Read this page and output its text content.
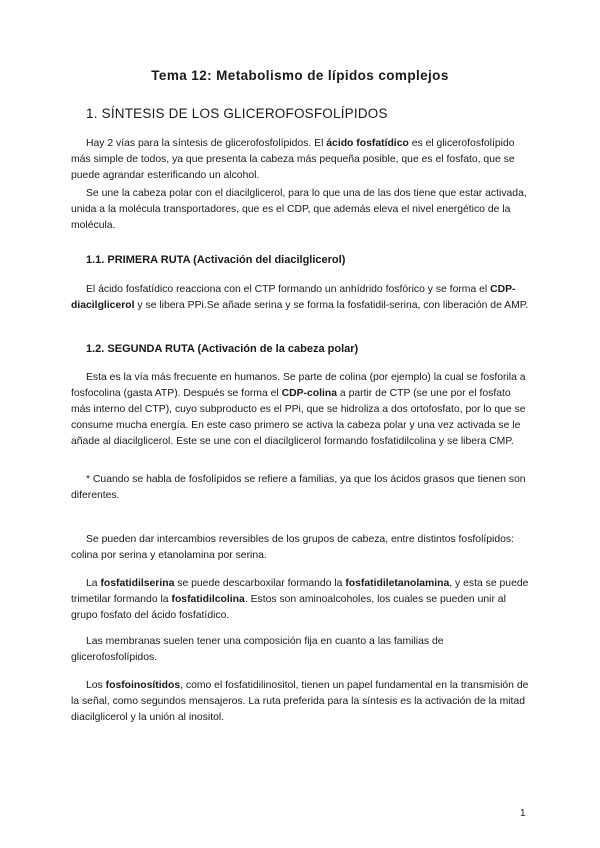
Tema 12: Metabolismo de lípidos complejos
1. SÍNTESIS DE LOS GLICEROFOSFOLÍPIDOS

Hay 2 vías para la síntesis de glicerofosfolípidos. El ácido fosfatídico es el glicerofosfolípido más simple de todos, ya que presenta la cabeza más pequeña posible, que es el fosfato, que se puede agrandar esterificando un alcohol.

Se une la cabeza polar con el diacilglicerol, para lo que una de las dos tiene que estar activada, unida a la molécula transportadores, que es el CDP, que además eleva el nivel energético de la molécula.

1.1. PRIMERA RUTA (Activación del diacilglicerol)

El ácido fosfatídico reacciona con el CTP formando un anhídrido fosfórico y se forma el CDP-diacilglicerol y se libera PPi.Se añade serina y se forma la fosfatidil-serina, con liberación de AMP.

1.2. SEGUNDA RUTA (Activación de la cabeza polar)

Esta es la vía más frecuente en humanos. Se parte de colina (por ejemplo) la cual se fosforila a fosfocolina (gasta ATP). Después se forma el CDP-colina a partir de CTP (se une por el fosfato más interno del CTP), cuyo subproducto es el PPi, que se hidroliza a dos ortofosfato, por lo que se consume mucha energía. En este caso primero se activa la cabeza polar y una vez activada se le añade al diacilglicerol. Este se une con el diacilglicerol formando fosfatidilcolina y se libera CMP.

* Cuando se habla de fosfolípidos se refiere a familias, ya que los ácidos grasos que tienen son diferentes.

Se pueden dar intercambios reversibles de los grupos de cabeza, entre distintos fosfolípidos: colina por serina y etanolamina por serina.

La fosfatidilserina se puede descarboxilar formando la fosfatidiletanolamina, y esta se puede trimetilar formando la fosfatidilcolina. Estos son aminoalcoholes, los cuales se pueden unir al grupo fosfato del ácido fosfatídico.

Las membranas suelen tener una composición fija en cuanto a las familias de glicerofosfolípidos.

Los fosfoinosítidos, como el fosfatidilinositol, tienen un papel fundamental en la transmisión de la señal, como segundos mensajeros. La ruta preferida para la síntesis es la activación de la mitad diacilglicerol y la unión al inositol.

1
